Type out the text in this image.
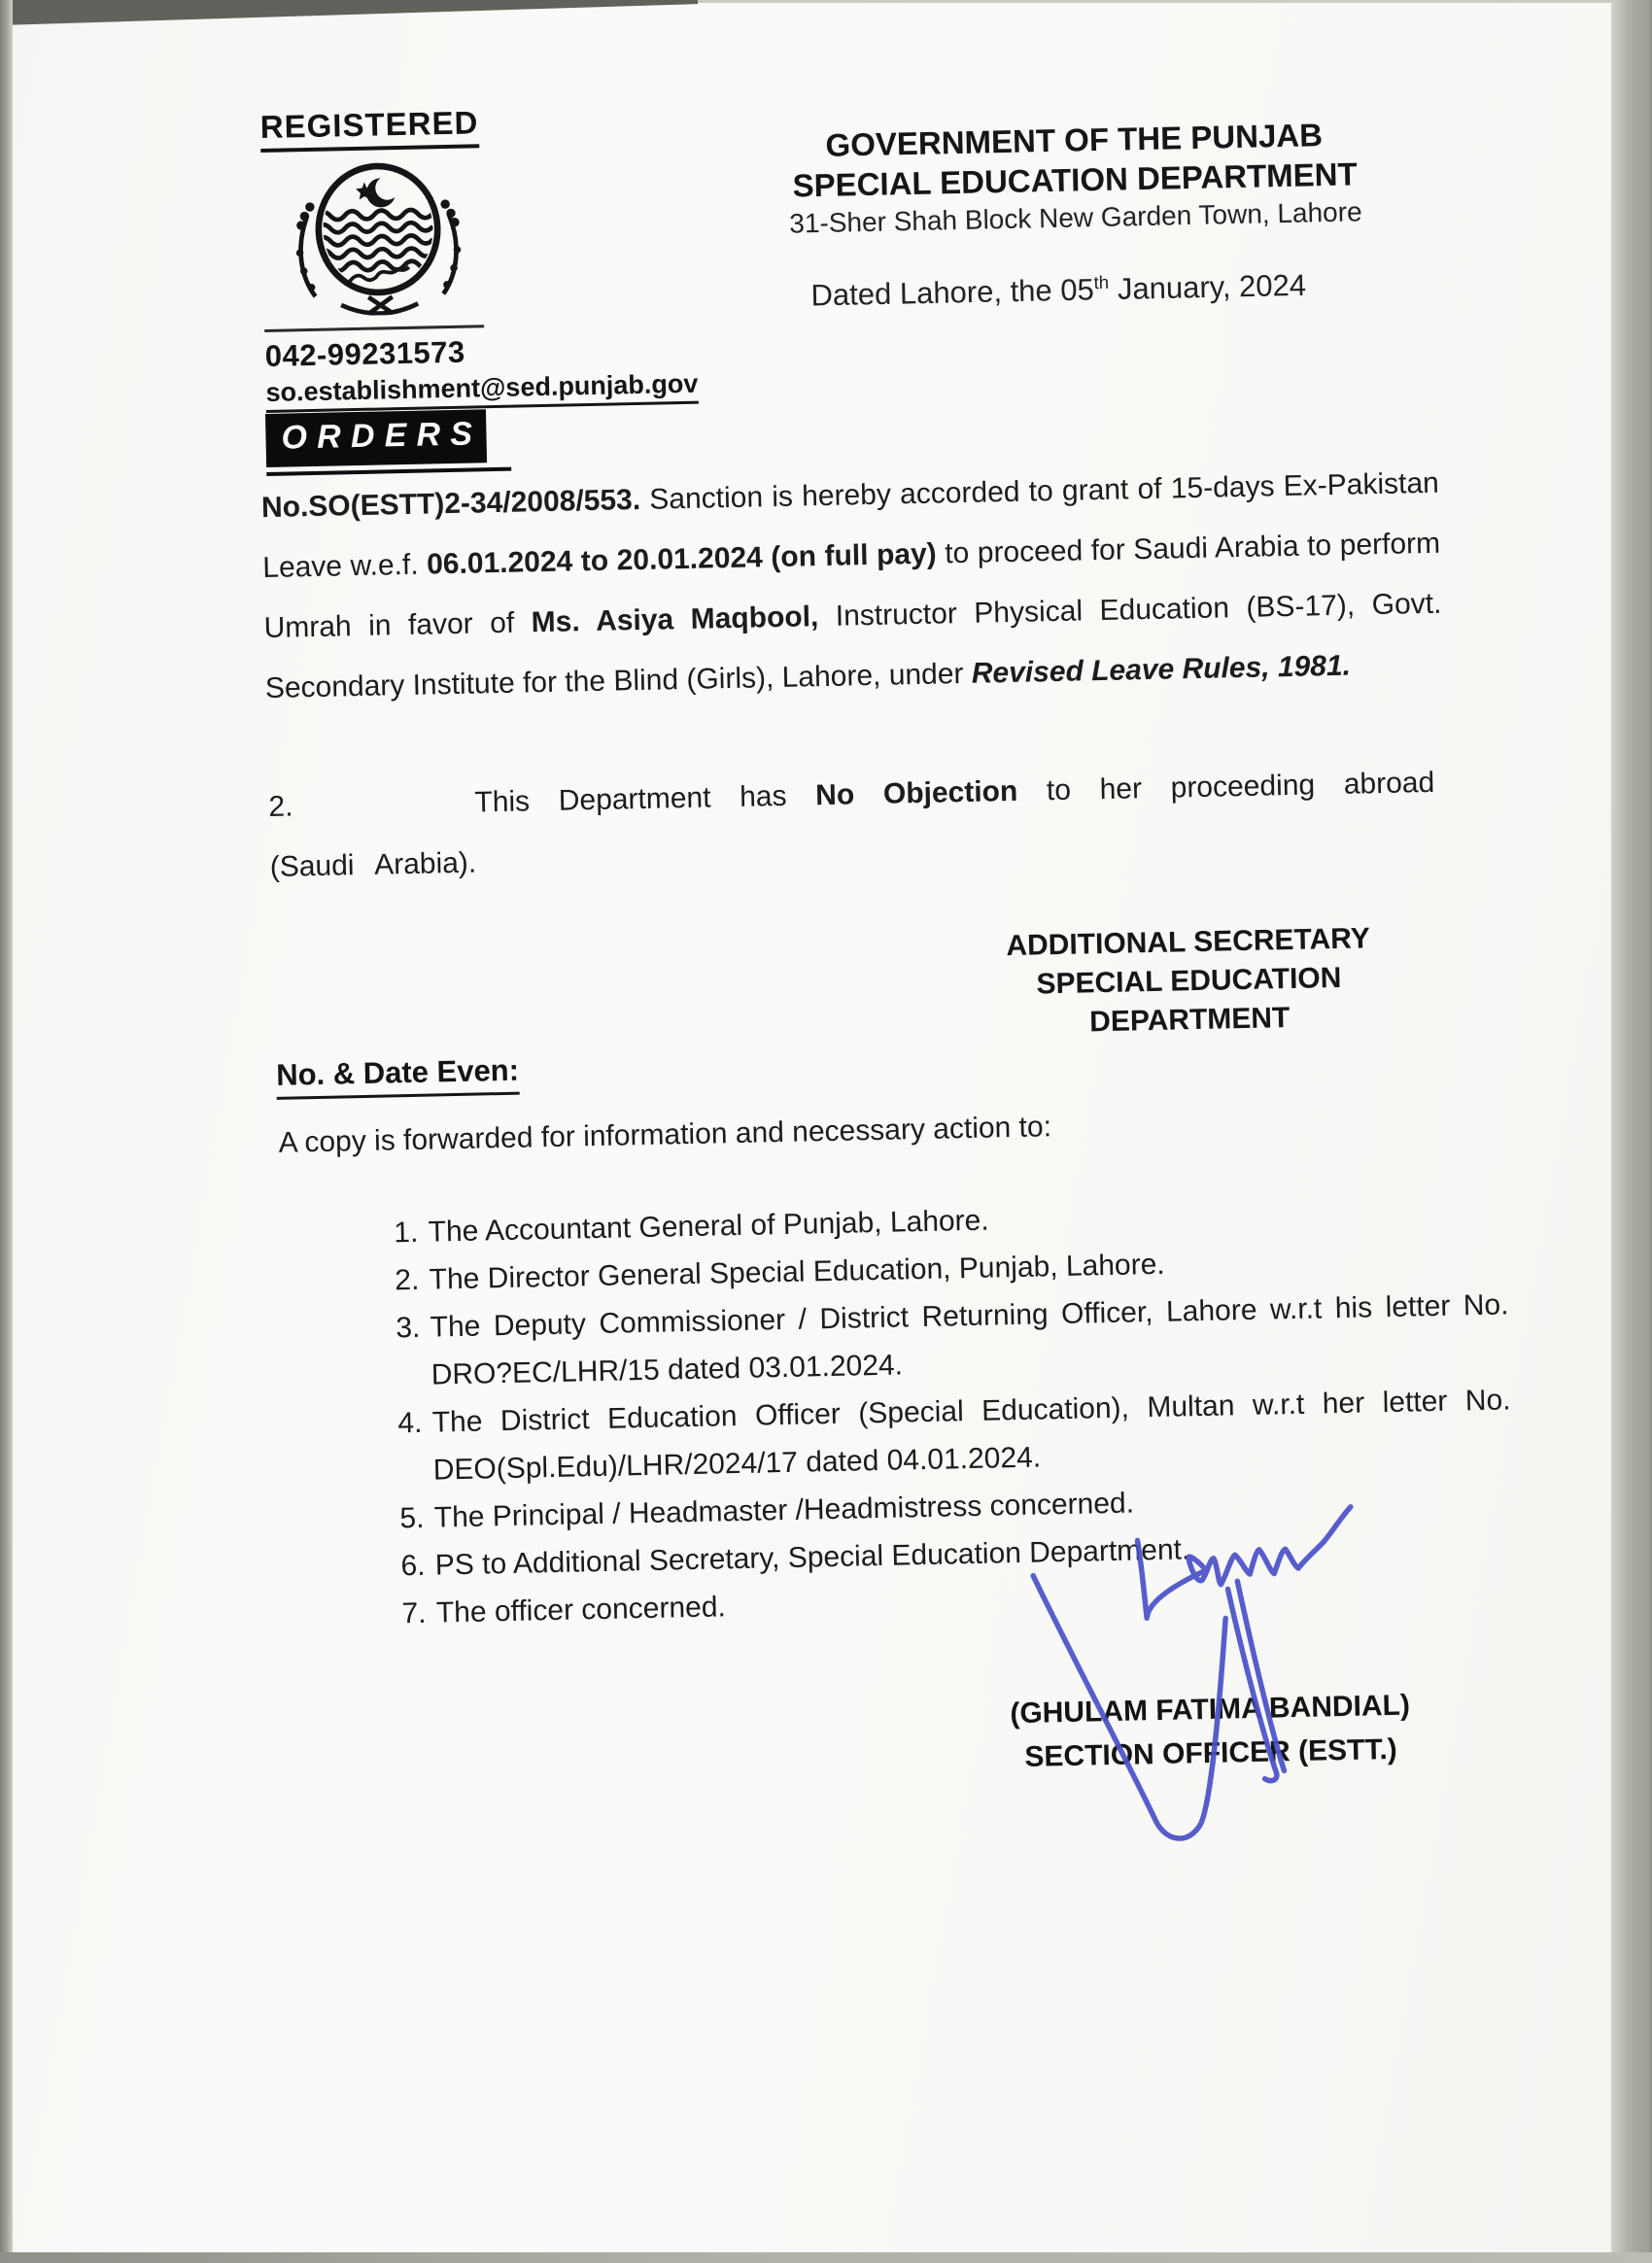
REGISTERED
042-99231573
so.establishment@sed.punjab.gov
GOVERNMENT OF THE PUNJAB
SPECIAL EDUCATION DEPARTMENT
31-Sher Shah Block New Garden Town, Lahore
Dated Lahore, the 05th January, 2024
ORDERS

No.SO(ESTT)2-34/2008/553. Sanction is hereby accorded to grant of 15-days Ex-Pakistan Leave w.e.f. 06.01.2024 to 20.01.2024 (on full pay) to proceed for Saudi Arabia to perform Umrah in favor of Ms. Asiya Maqbool, Instructor Physical Education (BS-17), Govt. Secondary Institute for the Blind (Girls), Lahore, under Revised Leave Rules, 1981.

2.	This Department has No Objection to her proceeding abroad (Saudi Arabia).

ADDITIONAL SECRETARY
SPECIAL EDUCATION
DEPARTMENT
No. & Date Even:
A copy is forwarded for information and necessary action to:
1. The Accountant General of Punjab, Lahore.
2. The Director General Special Education, Punjab, Lahore.
3. The Deputy Commissioner / District Returning Officer, Lahore w.r.t his letter No. DRO?EC/LHR/15 dated 03.01.2024.
4. The District Education Officer (Special Education), Multan w.r.t her letter No. DEO(Spl.Edu)/LHR/2024/17 dated 04.01.2024.
5. The Principal / Headmaster /Headmistress concerned.
6. PS to Additional Secretary, Special Education Department.
7. The officer concerned.
(GHULAM FATIMA BANDIAL)
SECTION OFFICER (ESTT.)
